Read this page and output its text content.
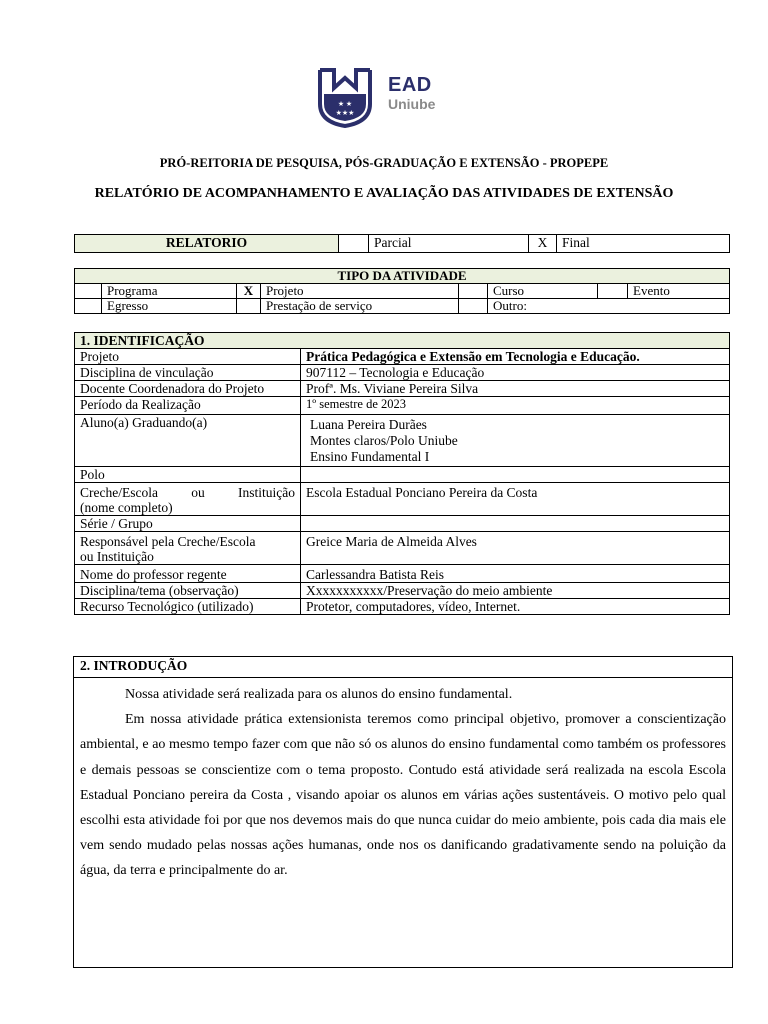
★ ★
★★★
EAD
Uniube
PRÓ-REITORIA DE PESQUISA, PÓS-GRADUAÇÃO E EXTENSÃO - PROPEPE
RELATÓRIO DE ACOMPANHAMENTO E AVALIAÇÃO DAS ATIVIDADES DE EXTENSÃO
RELATORIO		Parcial	X	Final
TIPO DA ATIVIDADE							
	Programa	X	Projeto		Curso		Evento
	Egresso		Prestação de serviço		Outro:		
1. IDENTIFICAÇÃO	
Projeto	Prática Pedagógica e Extensão em Tecnologia e Educação.
Disciplina de vinculação	907112 – Tecnologia e Educação
Docente Coordenadora do Projeto	Profª. Ms. Viviane Pereira Silva
Período da Realização	1º semestre de 2023
Aluno(a) Graduando(a)	Luana Pereira Durães
Montes claros/Polo Uniube
Ensino Fundamental I

Polo	

Creche/Escola ou Instituição
(nome completo)	Escola Estadual Ponciano Pereira da Costa
Série / Grupo	

Responsável pela Creche/Escola
ou Instituição	Greice Maria de Almeida Alves
Nome do professor regente	Carlessandra Batista Reis
Disciplina/tema (observação)	Xxxxxxxxxxx/Preservação do meio ambiente
Recurso Tecnológico (utilizado)	Protetor, computadores, vídeo, Internet.
2. INTRODUÇÃO

Nossa atividade será realizada para os alunos do ensino fundamental.

Em nossa atividade prática extensionista teremos como principal objetivo, promover a conscientização ambiental, e ao mesmo tempo fazer com que não só os alunos do ensino fundamental como também os professores e demais pessoas se conscientize com o tema proposto. Contudo está atividade será realizada na escola Escola Estadual Ponciano pereira da Costa , visando apoiar os alunos em várias ações sustentáveis. O motivo pelo qual escolhi esta atividade foi por que nos devemos mais do que nunca cuidar do meio ambiente, pois cada dia mais ele vem sendo mudado pelas nossas ações humanas, onde nos os danificando gradativamente sendo na poluição da água, da terra e principalmente do ar.
